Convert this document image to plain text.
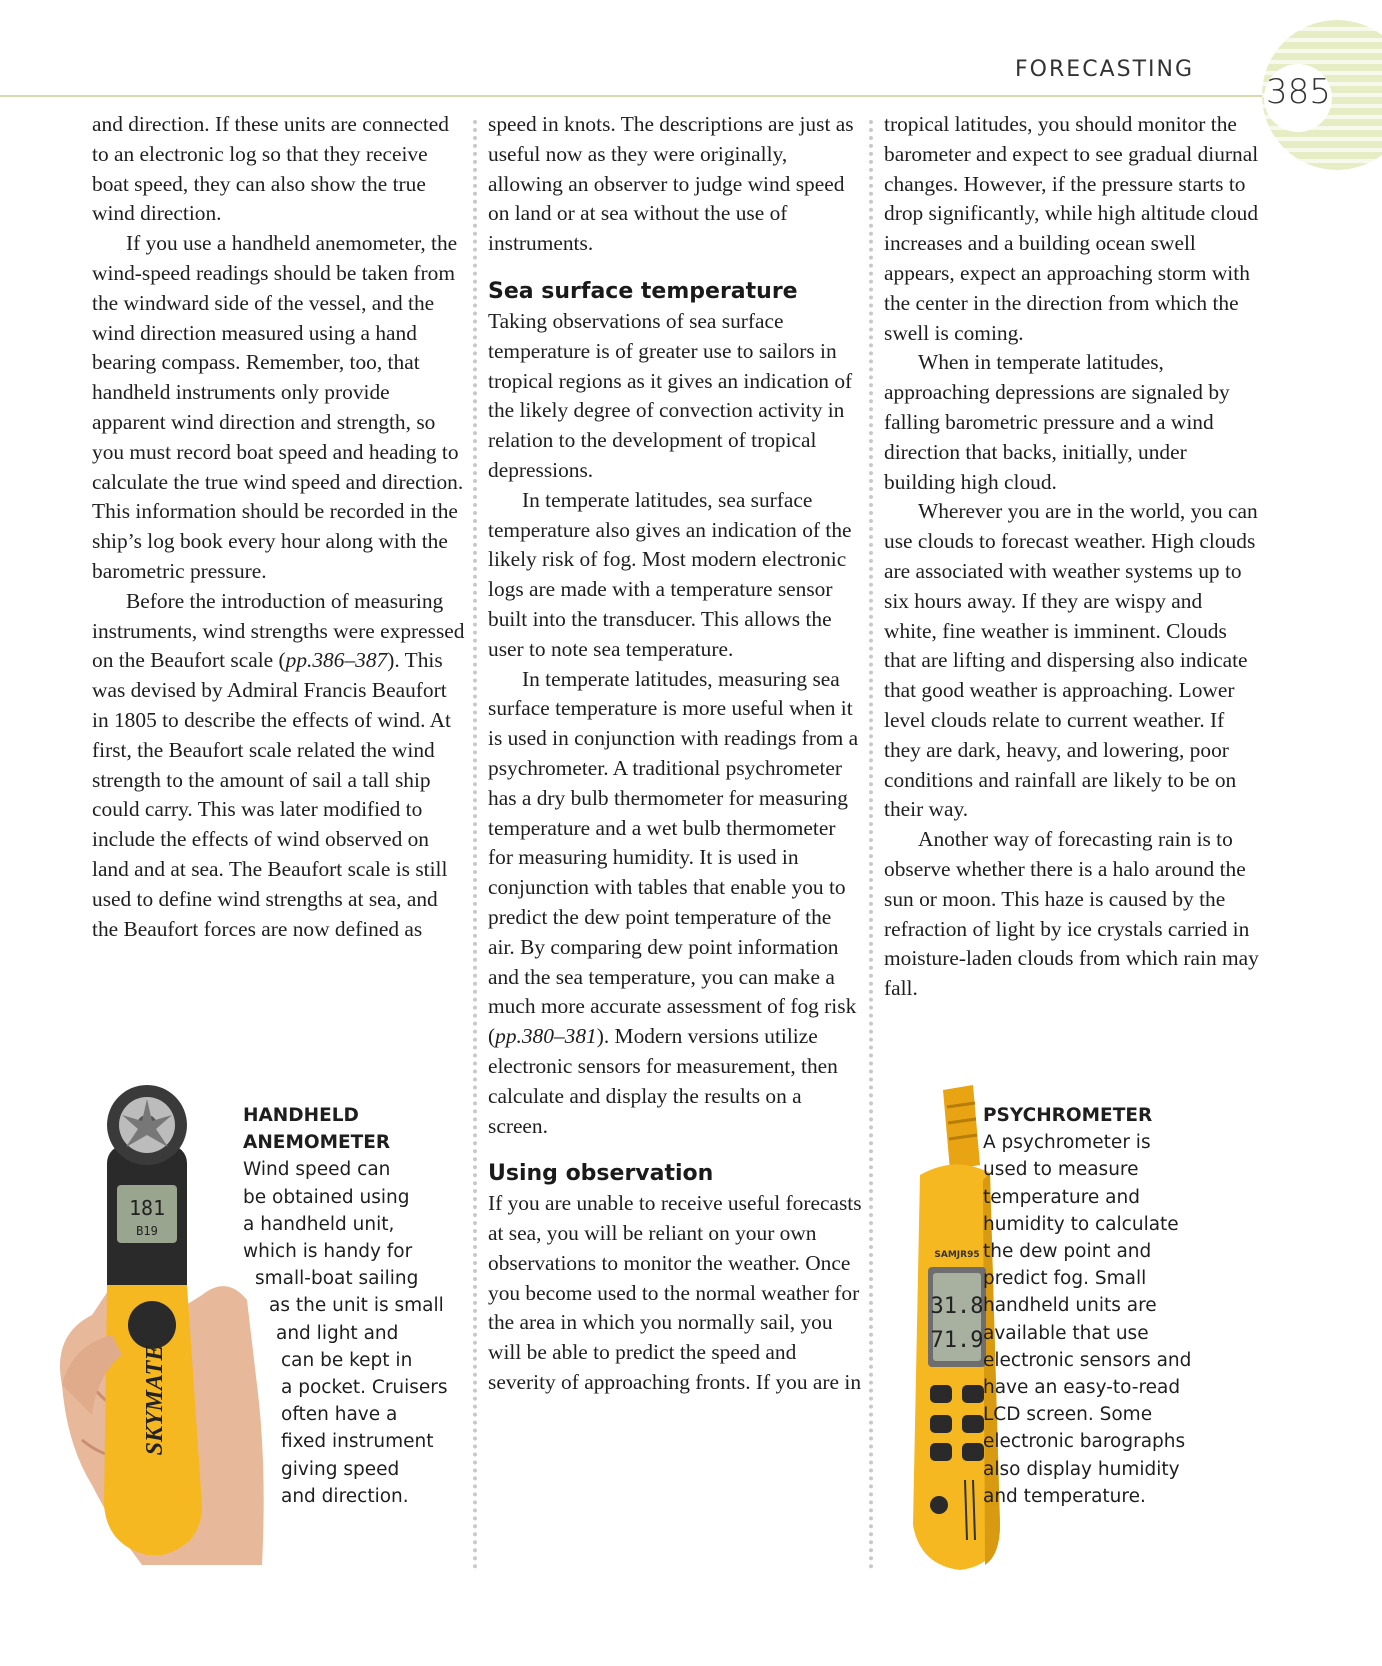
FORECASTING
385

and direction. If these units are connected to an electronic log so that they receive boat speed, they can also show the true wind direction.

If you use a handheld anemometer, the wind-speed readings should be taken from the windward side of the vessel, and the wind direction measured using a hand bearing compass. Remember, too, that handheld instruments only provide apparent wind direction and strength, so you must record boat speed and heading to calculate the true wind speed and direction. This information should be recorded in the ship’s log book every hour along with the barometric pressure.

Before the introduction of measuring instruments, wind strengths were expressed on the Beaufort scale (pp.386–387). This was devised by Admiral Francis Beaufort in 1805 to describe the effects of wind. At first, the Beaufort scale related the wind strength to the amount of sail a tall ship could carry. This was later modified to include the effects of wind observed on land and at sea. The Beaufort scale is still used to define wind strengths at sea, and the Beaufort forces are now defined as

speed in knots. The descriptions are just as useful now as they were originally, allowing an observer to judge wind speed on land or at sea without the use of instruments.

Sea surface temperature

Taking observations of sea surface temperature is of greater use to sailors in tropical regions as it gives an indication of the likely degree of convection activity in relation to the development of tropical depressions.

In temperate latitudes, sea surface temperature also gives an indication of the likely risk of fog. Most modern electronic logs are made with a temperature sensor built into the transducer. This allows the user to note sea temperature.

In temperate latitudes, measuring sea surface temperature is more useful when it is used in conjunction with readings from a psychrometer. A traditional psychrometer has a dry bulb thermometer for measuring temperature and a wet bulb thermometer for measuring humidity. It is used in conjunction with tables that enable you to predict the dew point temperature of the air. By comparing dew point information and the sea temperature, you can make a much more accurate assessment of fog risk (pp.380–381). Modern versions utilize electronic sensors for measurement, then calculate and display the results on a screen.

Using observation

If you are unable to receive useful forecasts at sea, you will be reliant on your own observations to monitor the weather. Once you become used to the normal weather for the area in which you normally sail, you will be able to predict the speed and severity of approaching fronts. If you are in

tropical latitudes, you should monitor the barometer and expect to see gradual diurnal changes. However, if the pressure starts to drop significantly, while high altitude cloud increases and a building ocean swell appears, expect an approaching storm with the center in the direction from which the swell is coming.

When in temperate latitudes, approaching depressions are signaled by falling barometric pressure and a wind direction that backs, initially, under building high cloud.

Wherever you are in the world, you can use clouds to forecast weather. High clouds are associated with weather systems up to six hours away. If they are wispy and white, fine weather is imminent. Clouds that are lifting and dispersing also indicate that good weather is approaching. Lower level clouds relate to current weather. If they are dark, heavy, and lowering, poor conditions and rainfall are likely to be on their way.

Another way of forecasting rain is to observe whether there is a halo around the sun or moon. This haze is caused by the refraction of light by ice crystals carried in moisture-laden clouds from which rain may fall.

181
B19
SKYMATE
HANDHELD
ANEMOMETER
Wind speed can
be obtained using
a handheld unit,
which is handy for
small-boat sailing
as the unit is small
and light and
can be kept in
a pocket. Cruisers
often have a
fixed instrument
giving speed
and direction.
SAMJR95
31.8
71.9
PSYCHROMETER
A psychrometer is
used to measure
temperature and
humidity to calculate
the dew point and
predict fog. Small
handheld units are
available that use
electronic sensors and
have an easy-to-read
LCD screen. Some
electronic barographs
also display humidity
and temperature.
